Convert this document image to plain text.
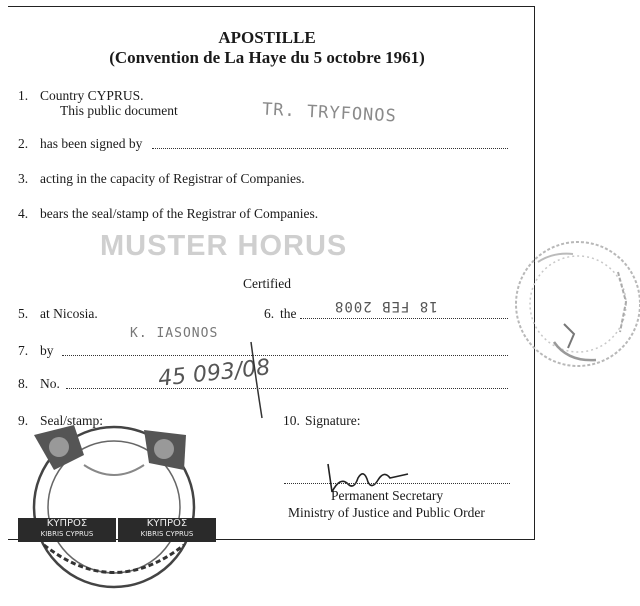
APOSTILLE
(Convention de La Haye du 5 octobre 1961)
1. Country CYPRUS.
This public document	TR. TRYFONOS
2. has been signed by
3. acting in the capacity of Registrar of Companies.
4. bears the seal/stamp of the Registrar of Companies.
MUSTER HORUS
Certified
5. at Nicosia.	6. the	18 FEB 2008
7. by
K. IASONOS
8. No.	45 093/08
9. Seal/stamp:	10. Signature:
Permanent Secretary
Ministry of Justice and Public Order
ΚΥΠΡΟΣ
KIBRIS CYPRUS
ΚΥΠΡΟΣ
KIBRIS CYPRUS
